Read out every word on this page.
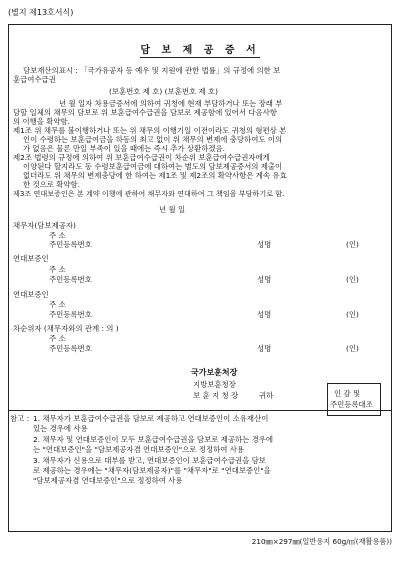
(별지 제13호서식)
담 보 제 공 증 서
담보재산의표시 : 「국가유공자 등 예우 및 지원에 관한 법률」의 규정에 의한 보
훈급여수급권
(보훈번호 제 호) (보훈번호 제 호)
년 월 일자 차용금증서에 의하여 귀청에 현재 부담하거나 또는 장래 부
담할 일체의 채무의 담보로 위 보훈급여수급권을 담보로 제공함에 있어서 다음사항
의 이행을 확약함.
제1조 위 채무를 불이행하거나 또는 위 채무의 이행기일 이전이라도 귀청의 형편상 본
인이 수령하는 보훈급여금을 하등의 최고 없이 위 채무의 변제에 충당하여도 이의
가 없음은 물론 만일 부족이 있을 때에는 즉시 추가 상환하겠음.
제2조 법령의 규정에 의하여 위 보훈급여수급권이 차순위 보훈급여수급권자에게
이양된다 할지라도 동 수령보훈급여금에 대하여는 별도의 담보제공증서의 제출이
없더라도 위 채무의 변제충당에 한 하여는 제1조 및 제2조의 확약사항은 계속 유효
한 것으로 확약함.
제3조 연대보증인은 본 계약 이행에 관하여 채무자와 연대하여 그 책임을 부담하기로 함.
년 월 일
채무자(담보제공자)
주 소
주민등록번호	성명	(인)
연대보증인
주 소
주민등록번호	성명	(인)
연대보증인
주 소
주민등록번호	성명	(인)
차순위자 (채무자와의 관계 : 의 )
주 소
주민등록번호	성명	(인)
국가보훈처장
지방보훈청장
보 훈 지 청 장	귀하
참고 : 1. 채무자가 보훈급여수급권을 담보로 제공하고 연대보증인이 소유재산이
있는 경우에 사용
2. 채무자 및 연대보증인이 모두 보훈급여수급권을 담보로 제공하는 경우에
는 "연대보증인"을 "담보제공자겸 연대보증인"으로 정정하여 사용
3. 채무자가 신용으로 대부를 받고, 연대보증인이 보훈급여수급권을 담보
로 제공하는 경우에는 "채무자(담보제공자)"를 "채무자"로 "연대보증인"을
"담보제공자겸 연대보증인"으로 정정하여 사용
인 감 및
주민등록대조
210㎜×297㎜(일반용지 60g/㎡(재활용품))
